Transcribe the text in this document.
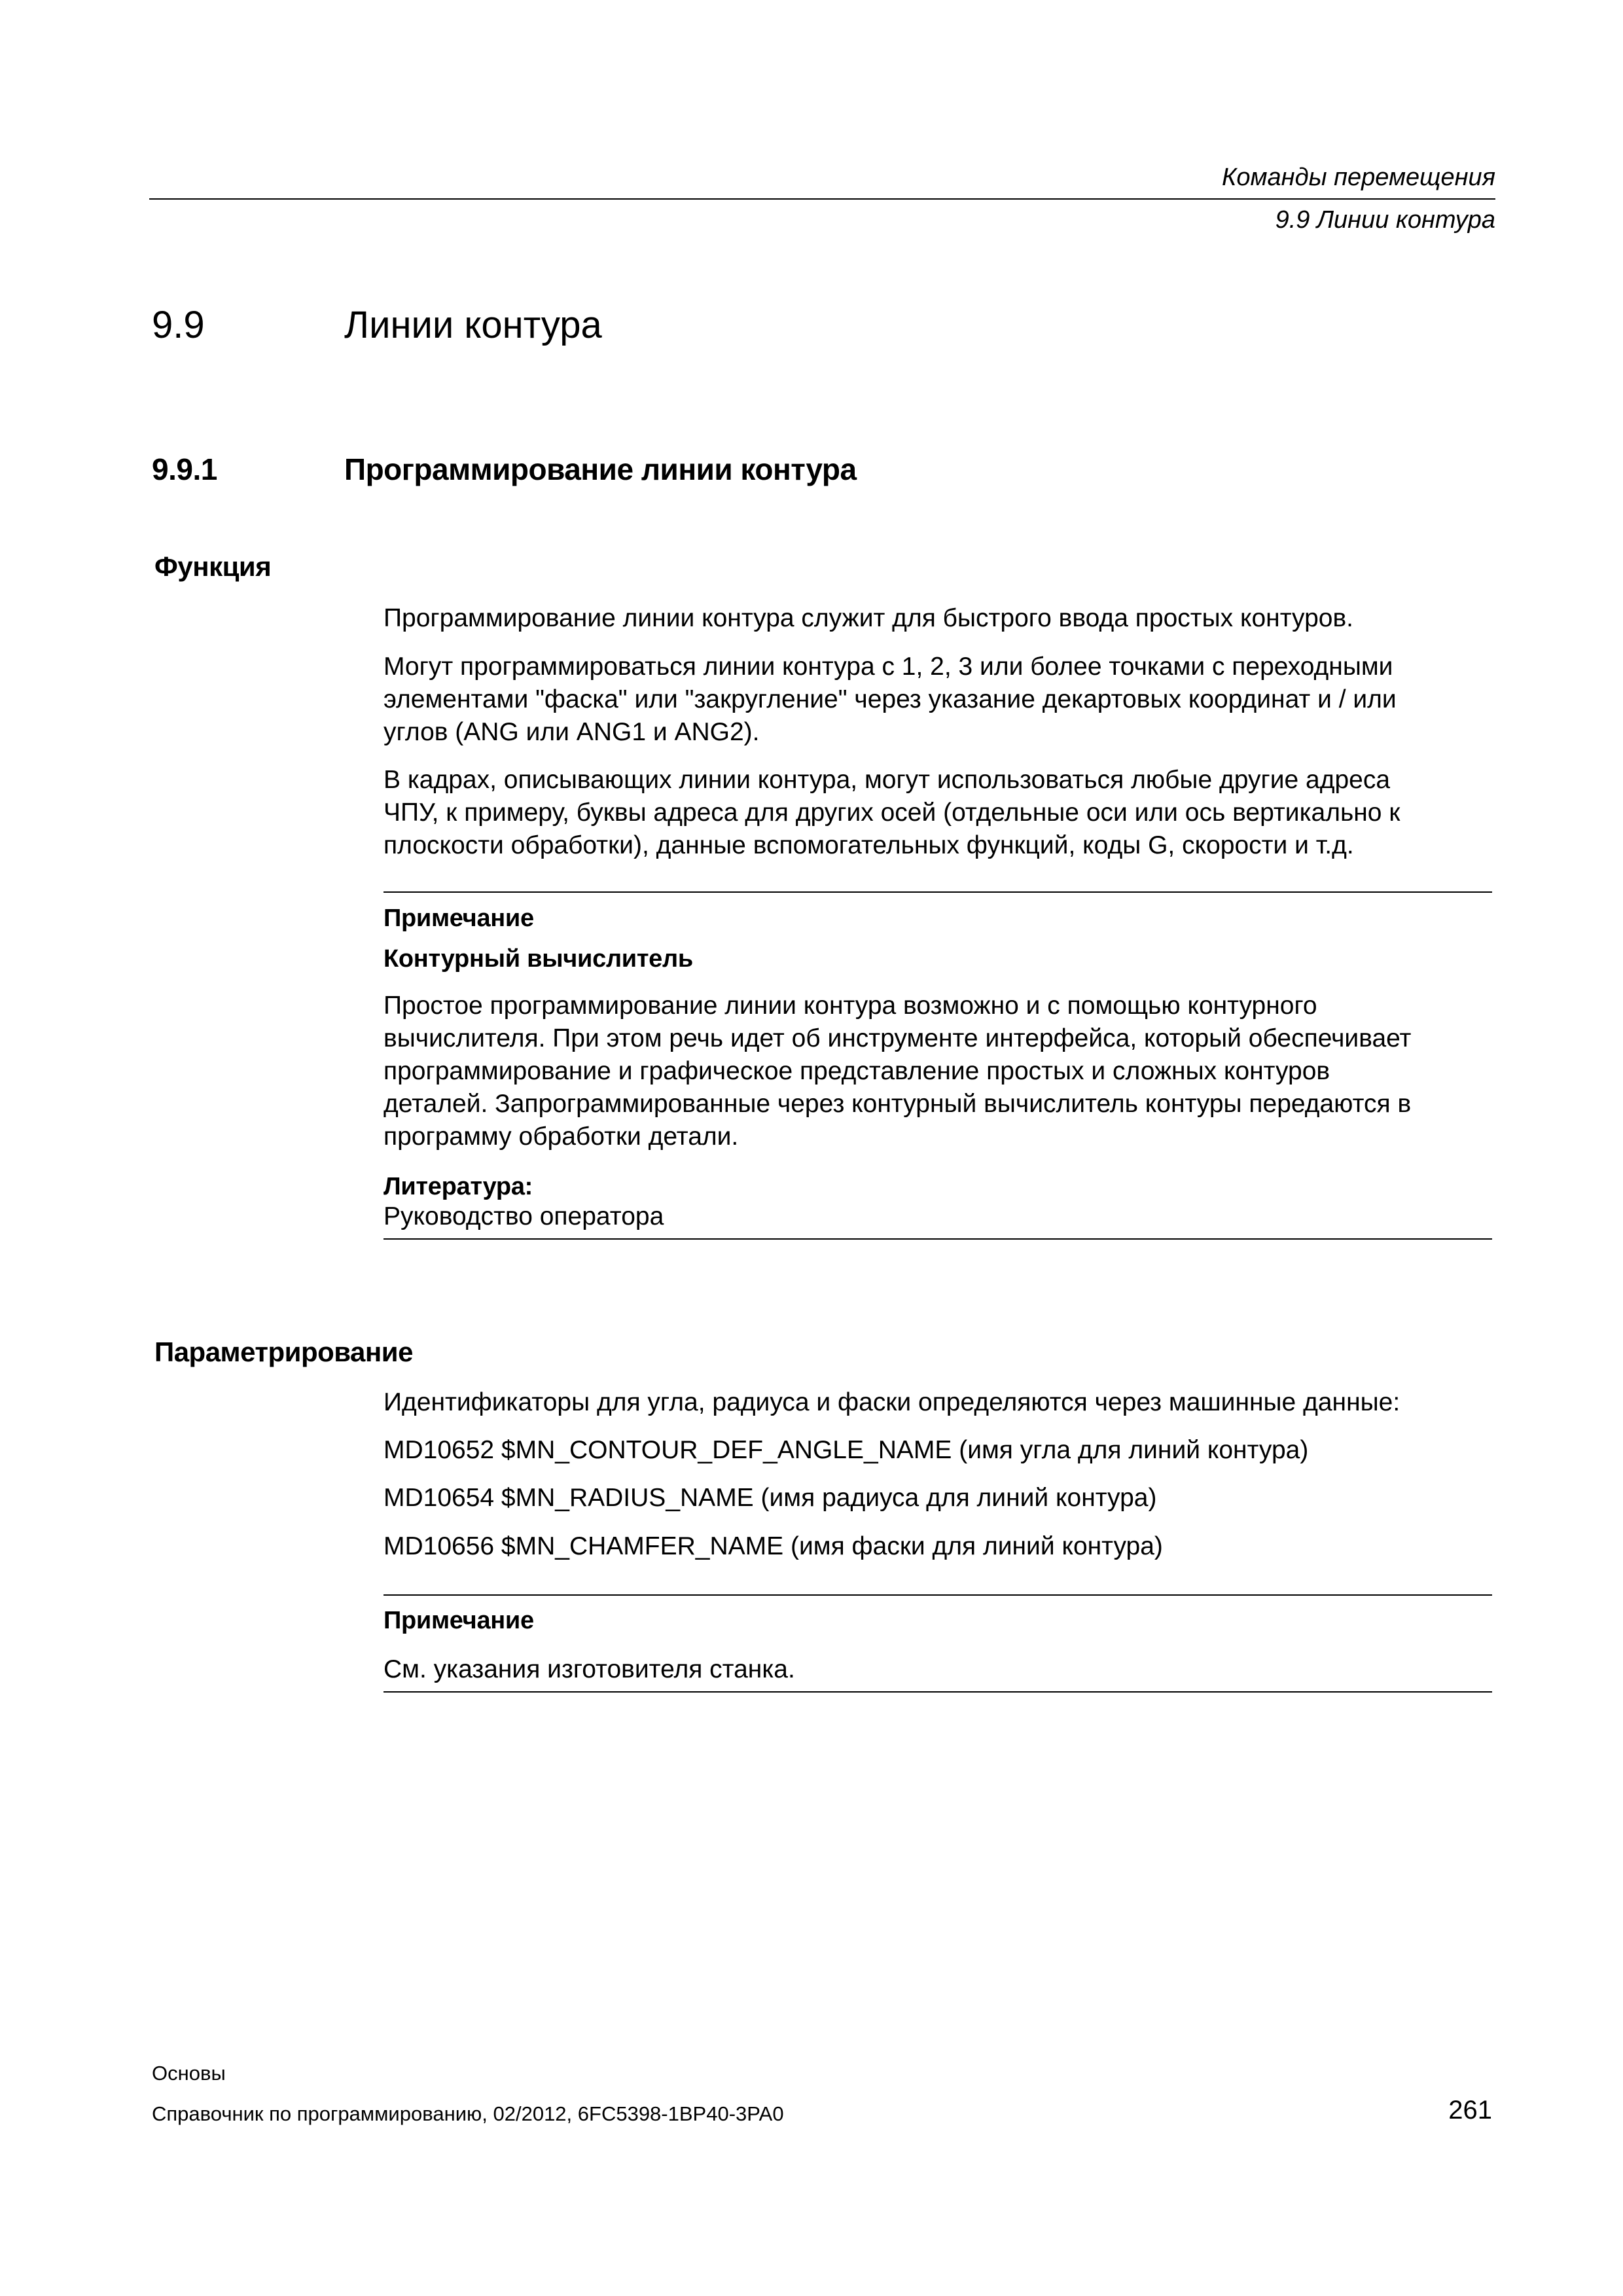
Команды перемещения
9.9 Линии контура
9.9	Линии контура
9.9.1	Программирование линии контура
Функция
Программирование линии контура служит для быстрого ввода простых контуров.
Могут программироваться линии контура с 1, 2, 3 или более точками с переходными
элементами "фаска" или "закругление" через указание декартовых координат и / или
углов (ANG или ANG1 и ANG2).
В кадрах, описывающих линии контура, могут использоваться любые другие адреса
ЧПУ, к примеру, буквы адреса для других осей (отдельные оси или ось вертикально к
плоскости обработки), данные вспомогательных функций, коды G, скорости и т.д.
Примечание
Контурный вычислитель
Простое программирование линии контура возможно и с помощью контурного
вычислителя. При этом речь идет об инструменте интерфейса, который обеспечивает
программирование и графическое представление простых и сложных контуров
деталей. Запрограммированные через контурный вычислитель контуры передаются в
программу обработки детали.
Литература:
Руководство оператора
Параметрирование
Идентификаторы для угла, радиуса и фаски определяются через машинные данные:
MD10652 $MN_CONTOUR_DEF_ANGLE_NAME (имя угла для линий контура)
MD10654 $MN_RADIUS_NAME (имя радиуса для линий контура)
MD10656 $MN_CHAMFER_NAME (имя фаски для линий контура)
Примечание
См. указания изготовителя станка.
Основы
Справочник по программированию, 02/2012, 6FC5398-1BP40-3PA0	261
